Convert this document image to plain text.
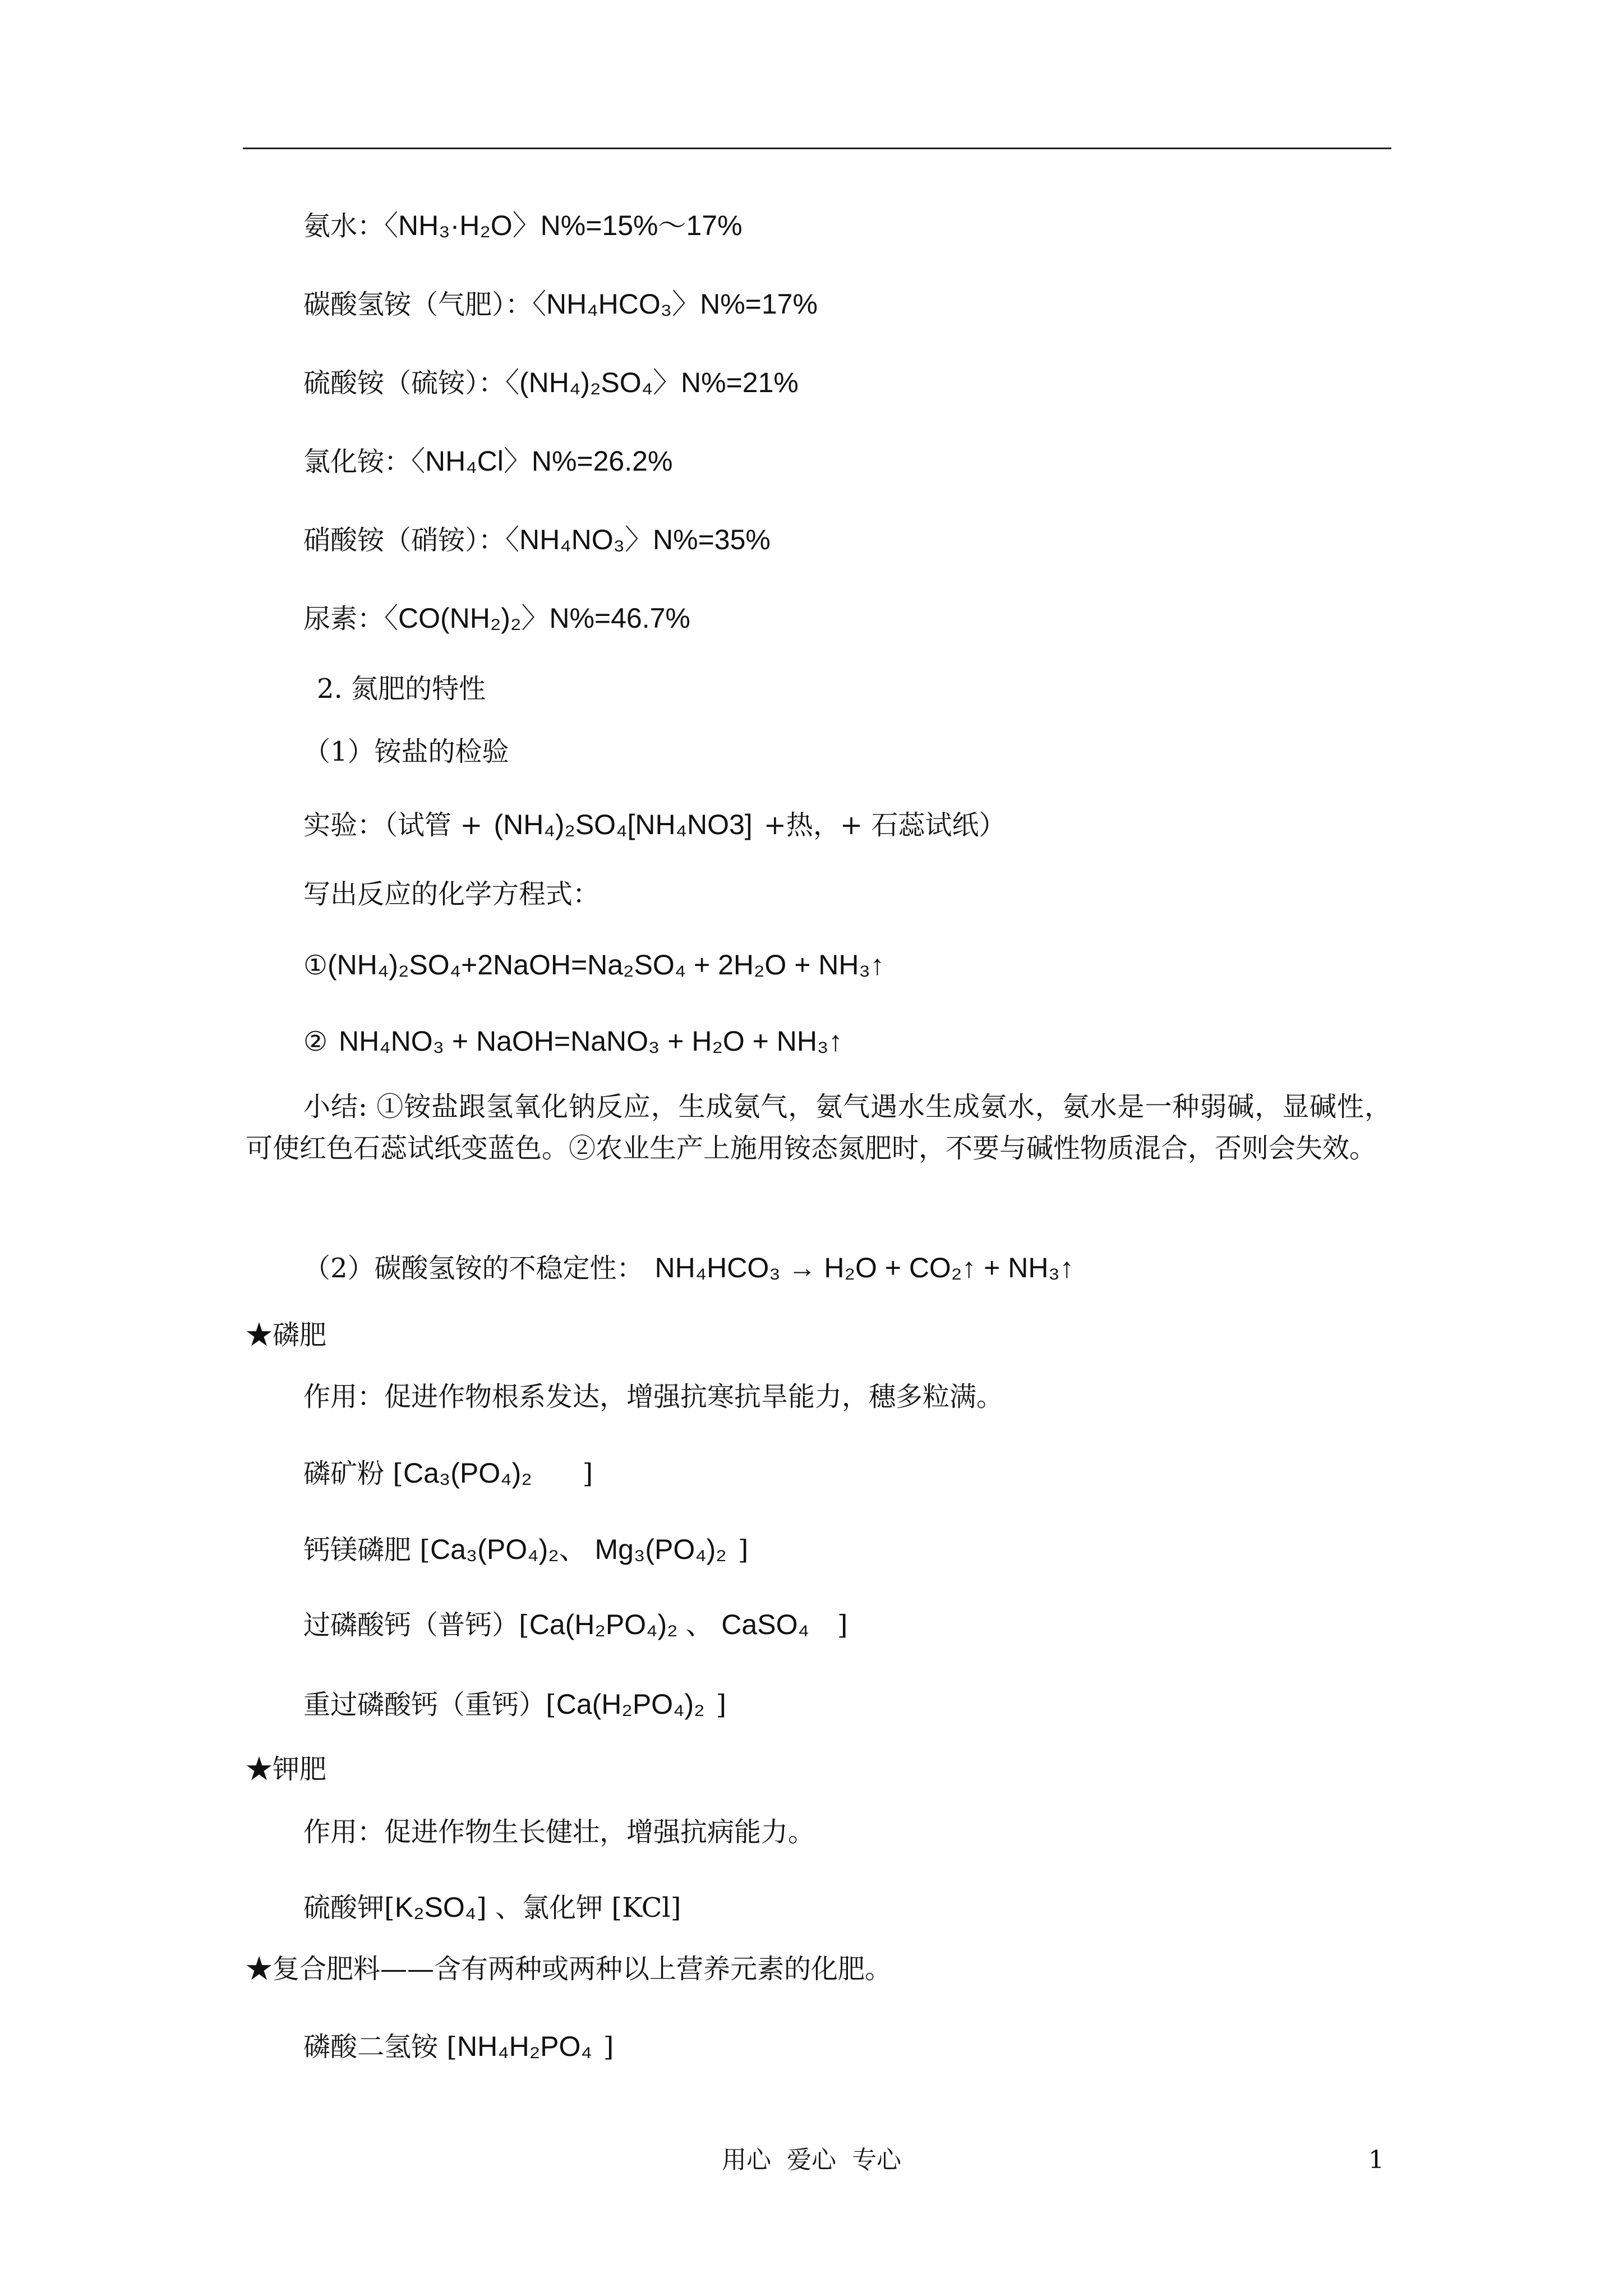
氨水：〈NH₃·H₂O〉N%=15%～17%
碳酸氢铵（气肥）：〈NH₄HCO₃〉N%=17%
硫酸铵（硫铵）：〈(NH₄)₂SO₄〉N%=21%
氯化铵：〈NH₄Cl〉N%=26.2%
硝酸铵（硝铵）：〈NH₄NO₃〉N%=35%
尿素：〈CO(NH₂)₂〉N%=46.7%
2. 氮肥的特性
（1）铵盐的检验
实验：（试管 + (NH₄)₂SO₄[NH₄NO3] +热，+ 石蕊试纸）
写出反应的化学方程式：
①(NH₄)₂SO₄+2NaOH=Na₂SO₄ + 2H₂O + NH₃↑
② NH₄NO₃ + NaOH=NaNO₃ + H₂O + NH₃↑
小结: ①铵盐跟氢氧化钠反应，生成氨气，氨气遇水生成氨水，氨水是一种弱碱，显碱性，可使红色石蕊试纸变蓝色。②农业生产上施用铵态氮肥时，不要与碱性物质混合，否则会失效。
（2）碳酸氢铵的不稳定性： NH₄HCO₃ → H₂O + CO₂↑ + NH₃↑
★磷肥
作用：促进作物根系发达，增强抗寒抗旱能力，穗多粒满。
磷矿粉 [Ca₃(PO₄)₂ ]
钙镁磷肥 [Ca₃(PO₄)₂、 Mg₃(PO₄)₂ ]
过磷酸钙（普钙）[Ca(H₂PO₄)₂ 、 CaSO₄ ]
重过磷酸钙（重钙）[Ca(H₂PO₄)₂ ]
★钾肥
作用：促进作物生长健壮，增强抗病能力。
硫酸钾[K₂SO₄] 、氯化钾 [KCl]
★复合肥料——含有两种或两种以上营养元素的化肥。
磷酸二氢铵 [NH₄H₂PO₄ ]
用心  爱心  专心	1
